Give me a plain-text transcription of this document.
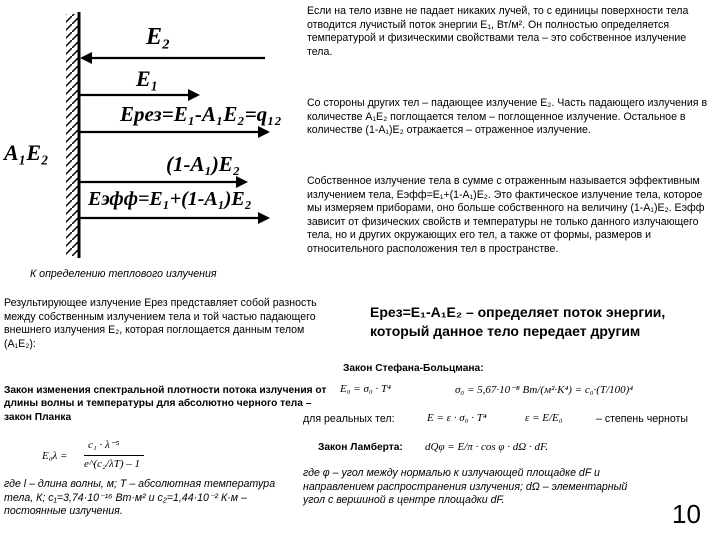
E₂
E₁
Eрез=E₁-A₁E₂=q₁₂
A₁E₂	(1-A₁)E₂
Eэфф=E₁+(1-A₁)E₂
К определению теплового излучения
Если на тело извне не падает никаких лучей, то с единицы поверхности тела отводится лучистый поток энергии E₁, Вт/м². Он полностью определяется температурой и физическими свойствами тела – это собственное излучение тела.
Со стороны других тел – падающее излучение E₂. Часть падающего излучения в количестве A₁E₂ поглощается телом – поглощенное излучение. Остальное в количестве (1-A₁)E₂ отражается – отраженное излучение.
Собственное излучение тела в сумме с отраженным называется эффективным излучением тела, Eэфф=E₁+(1-A₁)E₂. Это фактическое излучение тела, которое мы измеряем приборами, оно больше собственного на величину (1-A₁)E₂. Eэфф зависит от физических свойств и температуры не только данного излучающего тела, но и других окружающих его тел, а также от формы, размеров и относительного расположения тел в пространстве.
Результирующее излучение Eрез представляет собой разность между собственным излучением тела и той частью падающего внешнего излучения E₂, которая поглощается данным телом (A₁E₂):
Eрез=E₁-A₁E₂ – определяет поток энергии, который данное тело передает другим
Закон Стефана-Больцмана:
E₀ = σ₀ · T⁴	σ₀ = 5,67·10⁻⁸ Вт/(м²·К⁴) = c₀·(T/100)⁴
Закон изменения спектральной плотности потока излучения от длины волны и температуры для абсолютно черного тела – закон Планка	для реальных тел:	E = ε · σ₀ · T⁴	ε = E/E₀	– степень черноты
Закон Ламберта: dQφ = E/π · cos φ · dΩ · dF.
E₀λ =
c₁ · λ⁻⁵
e^(c₂/λT) – 1
где l – длина волны, м; T – абсолютная температура тела, К; c₁=3,74·10⁻¹⁶ Вт·м² и c₂=1,44·10⁻² К·м – постоянные излучения.
где φ – угол между нормалью к излучающей площадке dF и направлением распространения излучения; dΩ – элементарный угол с вершиной в центре площадки dF.	10
